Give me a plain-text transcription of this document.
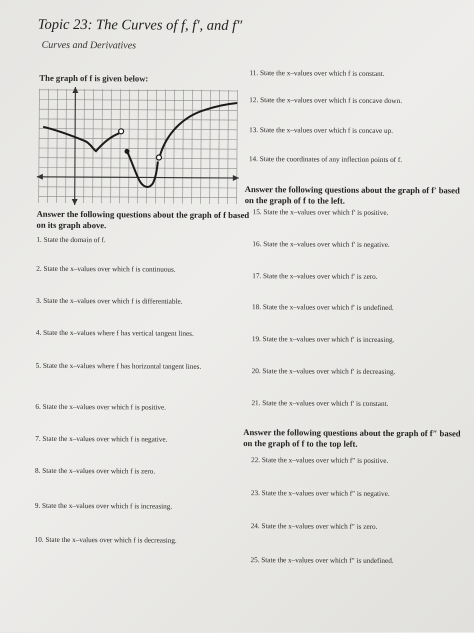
Topic 23: The Curves of f, f′, and f″
Curves and Derivatives
The graph of f is given below:
Answer the following questions about the graph of f based on its graph above.
Answer the following questions about the graph of f′ based on the graph of f to the left.
Answer the following questions about the graph of f″ based on the graph of f to the top left.
1. State the domain of f.
2. State the x–values over which f is continuous.
3. State the x–values over which f is differentiable.
4. State the x–values where f has vertical tangent lines.
5. State the x–values where f has horizontal tangent lines.
6. State the x–values over which f is positive.
7. State the x–values over which f is negative.
8. State the x–values over which f is zero.
9. State the x–values over which f is increasing.
10. State the x–values over which f is decreasing.
11. State the x–values over which f is constant.
12. State the x–values over which f is concave down.
13. State the x–values over which f is concave up.
14. State the coordinates of any inflection points of f.
15. State the x–values over which f′ is positive.
16. State the x–values over which f′ is negative.
17. State the x–values over which f′ is zero.
18. State the x–values over which f′ is undefined.
19. State the x–values over which f′ is increasing.
20. State the x–values over which f′ is decreasing.
21. State the x–values over which f′ is constant.
22. State the x–values over which f″ is positive.
23. State the x–values over which f″ is negative.
24. State the x–values over which f″ is zero.
25. State the x–values over which f″ is undefined.
